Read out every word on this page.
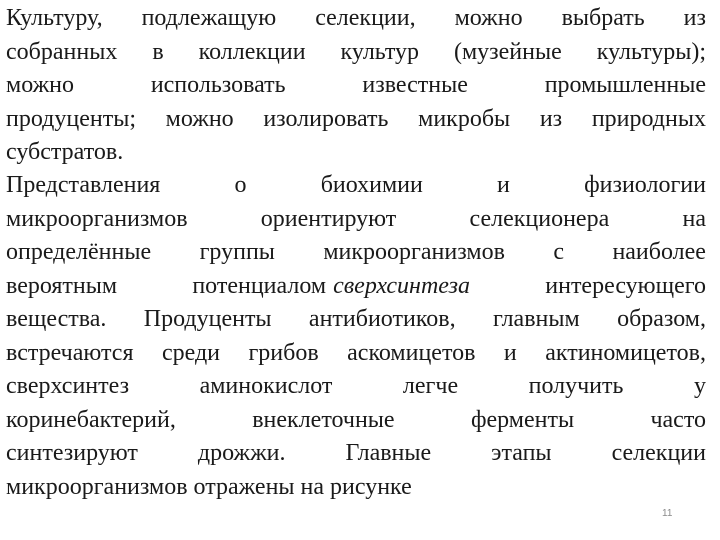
Культуру, подлежащую селекции, можно выбрать из
собранных в коллекции культур (музейные культуры);
можно	использовать	известные	промышленные
продуценты; можно изолировать микробы из природных
субстратов.
Представления	о	биохимии	и	физиологии
микроорганизмов	ориентируют	селекционера	на
определённые группы микроорганизмов с наиболее
вероятным	потенциалом сверхсинтеза	интересующего
вещества. Продуценты антибиотиков, главным образом,
встречаются среди грибов аскомицетов и актиномицетов,
сверхсинтез	аминокислот	легче	получить	у
коринебактерий,	внеклеточные	ферменты	часто
синтезируют	дрожжи.	Главные	этапы	селекции
микроорганизмов отражены на рисунке
11
